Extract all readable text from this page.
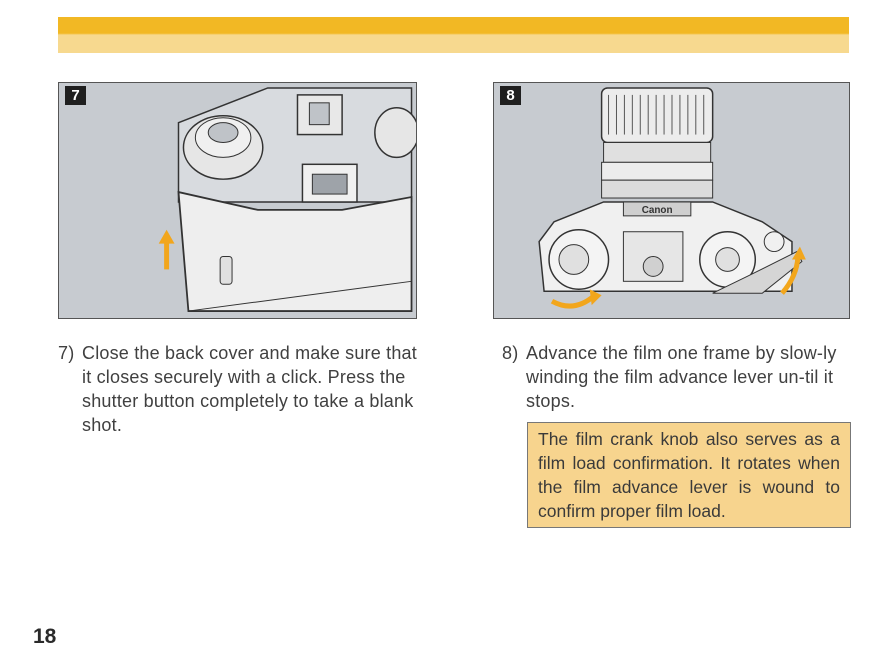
7	8
Canon

7) Close the back cover and make sure that it closes securely with a click. Press the shutter button completely to take a blank shot.

8) Advance the film one frame by slow-ly winding the film advance lever un-til it stops.

The film crank knob also serves as a film load confirmation. It rotates when the film advance lever is wound to confirm proper film load.
18
